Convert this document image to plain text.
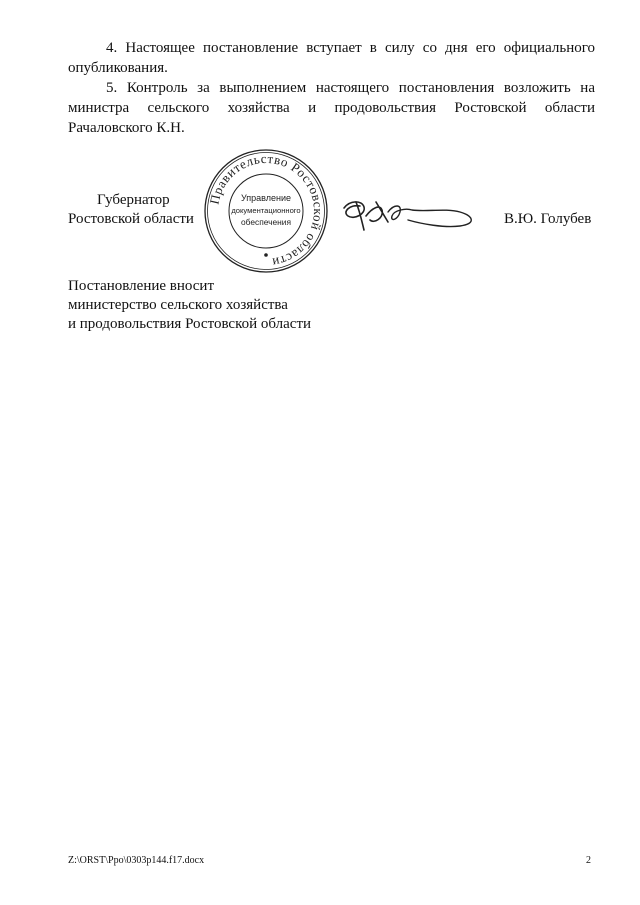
4. Настоящее постановление вступает в силу со дня его официального опубликования.

5. Контроль за выполнением настоящего постановления возложить на министра сельского хозяйства и продовольствия Ростовской области Рачаловского К.Н.

Губернатор

Ростовской области

Правительство Ростовской области
Управление
документационного
обеспечения	В.Ю. Голубев

Постановление вносит
министерство сельского хозяйства
и продовольствия Ростовской области

Z:\ORST\Ppo\0303p144.f17.docx	2
